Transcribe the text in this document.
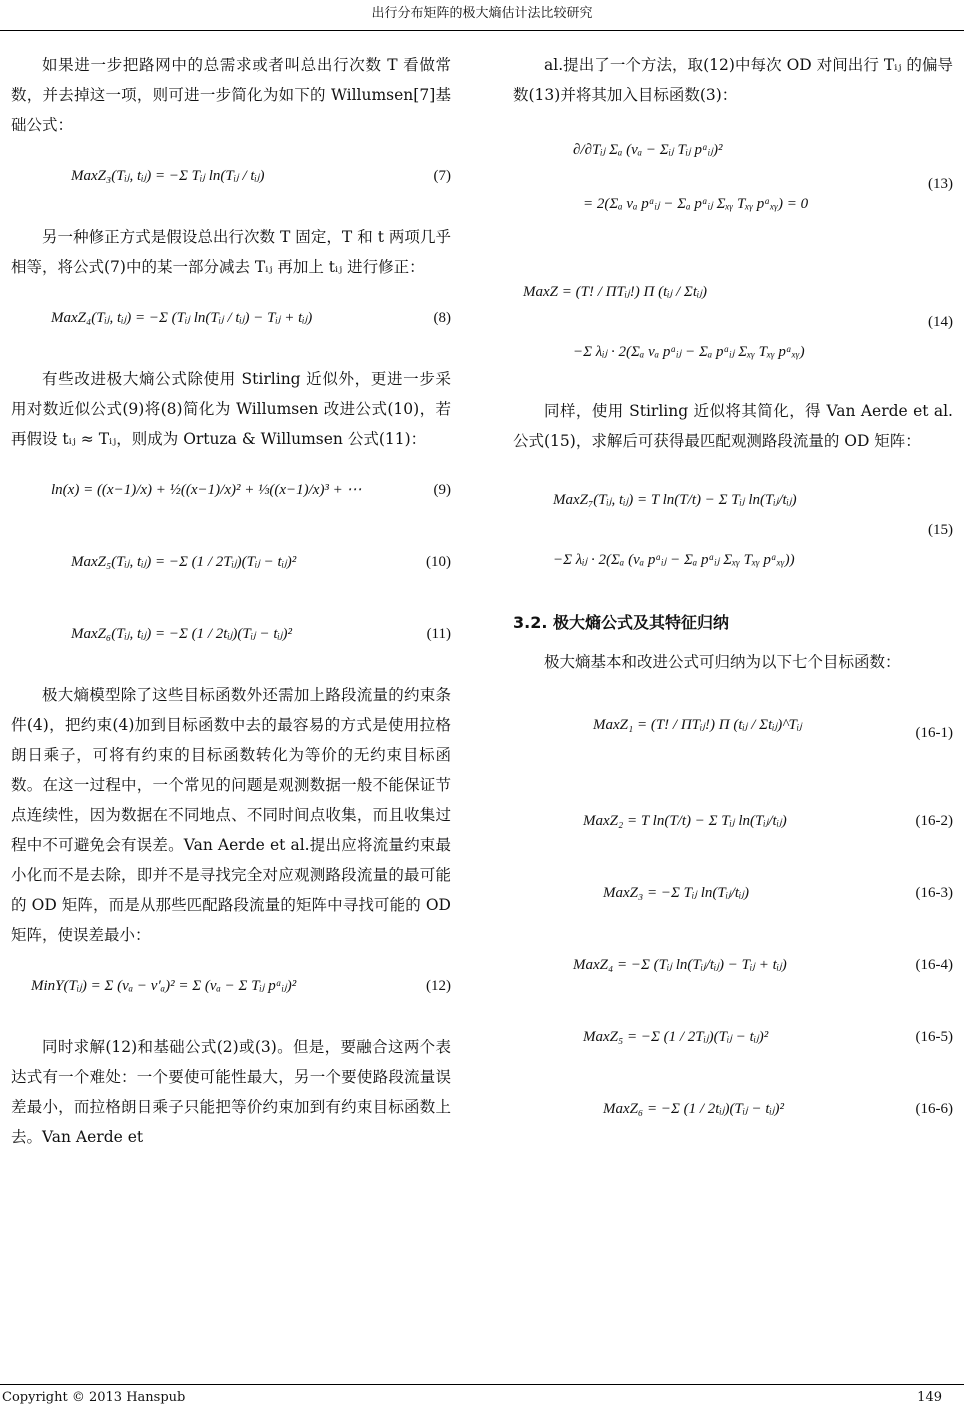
出行分布矩阵的极大熵估计法比较研究

如果进一步把路网中的总需求或者叫总出行次数 T 看做常数，并去掉这一项，则可进一步简化为如下的 Willumsen[7]基础公式：

MaxZ₃(Tᵢⱼ, tᵢⱼ) = −Σ Tᵢⱼ ln(Tᵢⱼ / tᵢⱼ)	(7)

另一种修正方式是假设总出行次数 T 固定，T 和 t 两项几乎相等，将公式(7)中的某一部分减去 Tᵢⱼ 再加上 tᵢⱼ 进行修正：

MaxZ₄(Tᵢⱼ, tᵢⱼ) = −Σ (Tᵢⱼ ln(Tᵢⱼ / tᵢⱼ) − Tᵢⱼ + tᵢⱼ)	(8)

有些改进极大熵公式除使用 Stirling 近似外，更进一步采用对数近似公式(9)将(8)简化为 Willumsen 改进公式(10)，若再假设 tᵢⱼ ≈ Tᵢⱼ，则成为 Ortuza & Willumsen 公式(11)：

ln(x) = ((x−1)/x) + ½((x−1)/x)² + ⅓((x−1)/x)³ + ⋯	(9)
MaxZ₅(Tᵢⱼ, tᵢⱼ) = −Σ (1 / 2Tᵢⱼ)(Tᵢⱼ − tᵢⱼ)²	(10)
MaxZ₆(Tᵢⱼ, tᵢⱼ) = −Σ (1 / 2tᵢⱼ)(Tᵢⱼ − tᵢⱼ)²	(11)

极大熵模型除了这些目标函数外还需加上路段流量的约束条件(4)，把约束(4)加到目标函数中去的最容易的方式是使用拉格朗日乘子，可将有约束的目标函数转化为等价的无约束目标函数。在这一过程中，一个常见的问题是观测数据一般不能保证节点连续性，因为数据在不同地点、不同时间点收集，而且收集过程中不可避免会有误差。Van Aerde et al.提出应将流量约束最小化而不是去除，即并不是寻找完全对应观测路段流量的最可能的 OD 矩阵，而是从那些匹配路段流量的矩阵中寻找可能的 OD 矩阵，使误差最小：

MinY(Tᵢⱼ) = Σ (vₐ − v′ₐ)² = Σ (vₐ − Σ Tᵢⱼ pᵃᵢⱼ)²	(12)

同时求解(12)和基础公式(2)或(3)。但是，要融合这两个表达式有一个难处：一个要使可能性最大，另一个要使路段流量误差最小，而拉格朗日乘子只能把等价约束加到有约束目标函数上去。Van Aerde et

al.提出了一个方法，取(12)中每次 OD 对间出行 Tᵢⱼ 的偏导数(13)并将其加入目标函数(3)：

∂/∂Tᵢⱼ Σₐ (vₐ − Σᵢⱼ Tᵢⱼ pᵃᵢⱼ)²
= 2(Σₐ vₐ pᵃᵢⱼ − Σₐ pᵃᵢⱼ Σₓᵧ Tₓᵧ pᵃₓᵧ) = 0
(13)
MaxZ = (T! / ΠTᵢⱼ!) Π (tᵢⱼ / Σtᵢⱼ)
−Σ λᵢⱼ · 2(Σₐ vₐ pᵃᵢⱼ − Σₐ pᵃᵢⱼ Σₓᵧ Tₓᵧ pᵃₓᵧ)
(14)

同样，使用 Stirling 近似将其简化，得 Van Aerde et al.公式(15)，求解后可获得最匹配观测路段流量的 OD 矩阵：

MaxZ₇(Tᵢⱼ, tᵢⱼ) = T ln(T/t) − Σ Tᵢⱼ ln(Tᵢⱼ/tᵢⱼ)
−Σ λᵢⱼ · 2(Σₐ (vₐ pᵃᵢⱼ − Σₐ pᵃᵢⱼ Σₓᵧ Tₓᵧ pᵃₓᵧ))
(15)
3.2. 极大熵公式及其特征归纳

极大熵基本和改进公式可归纳为以下七个目标函数：

MaxZ₁ = (T! / ΠTᵢⱼ!) Π (tᵢⱼ / Σtᵢⱼ)^Tᵢⱼ	(16-1)
MaxZ₂ = T ln(T/t) − Σ Tᵢⱼ ln(Tᵢⱼ/tᵢⱼ)	(16-2)
MaxZ₃ = −Σ Tᵢⱼ ln(Tᵢⱼ/tᵢⱼ)	(16-3)
MaxZ₄ = −Σ (Tᵢⱼ ln(Tᵢⱼ/tᵢⱼ) − Tᵢⱼ + tᵢⱼ)	(16-4)
MaxZ₅ = −Σ (1 / 2Tᵢⱼ)(Tᵢⱼ − tᵢⱼ)²	(16-5)
MaxZ₆ = −Σ (1 / 2tᵢⱼ)(Tᵢⱼ − tᵢⱼ)²	(16-6)
Copyright © 2013 Hanspub	149
